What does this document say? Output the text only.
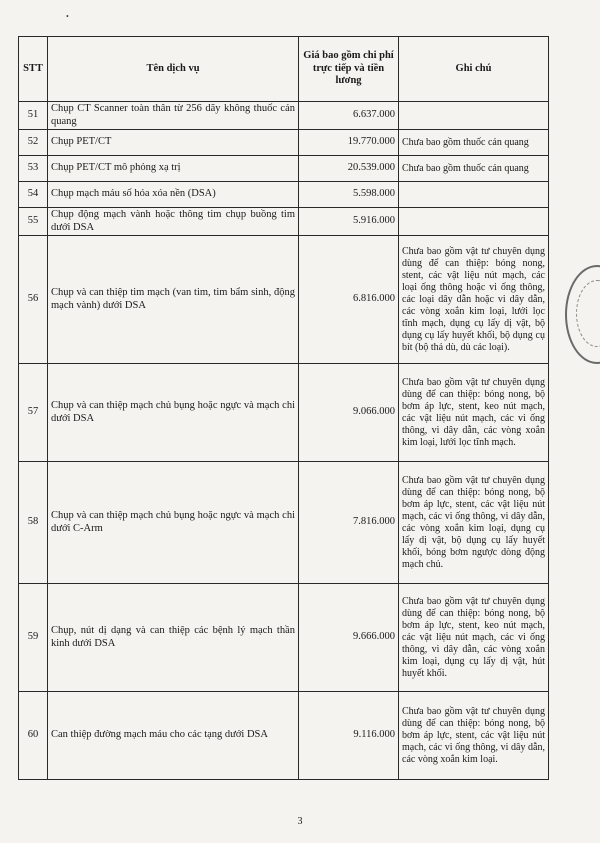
•
STT	Tên dịch vụ	Giá bao gồm chi phí trực tiếp và tiền lương	Ghi chú
51	Chụp CT Scanner toàn thân từ 256 dãy không thuốc cản quang	6.637.000	
52	Chụp PET/CT	19.770.000	Chưa bao gồm thuốc cản quang
53	Chụp PET/CT mô phỏng xạ trị	20.539.000	Chưa bao gồm thuốc cản quang
54	Chụp mạch máu số hóa xóa nền (DSA)	5.598.000	
55	Chụp động mạch vành hoặc thông tim chụp buồng tim dưới DSA	5.916.000	
56	Chụp và can thiệp tim mạch (van tim, tim bẩm sinh, động mạch vành) dưới DSA	6.816.000	Chưa bao gồm vật tư chuyên dụng dùng để can thiệp: bóng nong, stent, các vật liệu nút mạch, các loại ống thông hoặc vi ống thông, các loại dây dẫn hoặc vi dây dẫn, các vòng xoắn kim loại, lưới lọc tĩnh mạch, dụng cụ lấy dị vật, bộ dụng cụ lấy huyết khối, bộ dụng cụ bít (bộ thả dù, dù các loại).
57	Chụp và can thiệp mạch chủ bụng hoặc ngực và mạch chi dưới DSA	9.066.000	Chưa bao gồm vật tư chuyên dụng dùng để can thiệp: bóng nong, bộ bơm áp lực, stent, keo nút mạch, các vật liệu nút mạch, các vi ống thông, vi dây dẫn, các vòng xoắn kim loại, lưới lọc tĩnh mạch.
58	Chụp và can thiệp mạch chủ bụng hoặc ngực và mạch chi dưới C-Arm	7.816.000	Chưa bao gồm vật tư chuyên dụng dùng để can thiệp: bóng nong, bộ bơm áp lực, stent, các vật liệu nút mạch, các vi ống thông, vi dây dẫn, các vòng xoắn kim loại, dụng cụ lấy dị vật, bộ dụng cụ lấy huyết khối, bóng bơm ngược dòng động mạch chủ.
59	Chụp, nút dị dạng và can thiệp các bệnh lý mạch thần kinh dưới DSA	9.666.000	Chưa bao gồm vật tư chuyên dụng dùng để can thiệp: bóng nong, bộ bơm áp lực, stent, keo nút mạch, các vật liệu nút mạch, các vi ống thông, vi dây dẫn, các vòng xoắn kim loại, dụng cụ lấy dị vật, hút huyết khối.
60	Can thiệp đường mạch máu cho các tạng dưới DSA	9.116.000	Chưa bao gồm vật tư chuyên dụng dùng để can thiệp: bóng nong, bộ bơm áp lực, stent, các vật liệu nút mạch, các vi ống thông, vi dây dẫn, các vòng xoắn kim loại.
3
